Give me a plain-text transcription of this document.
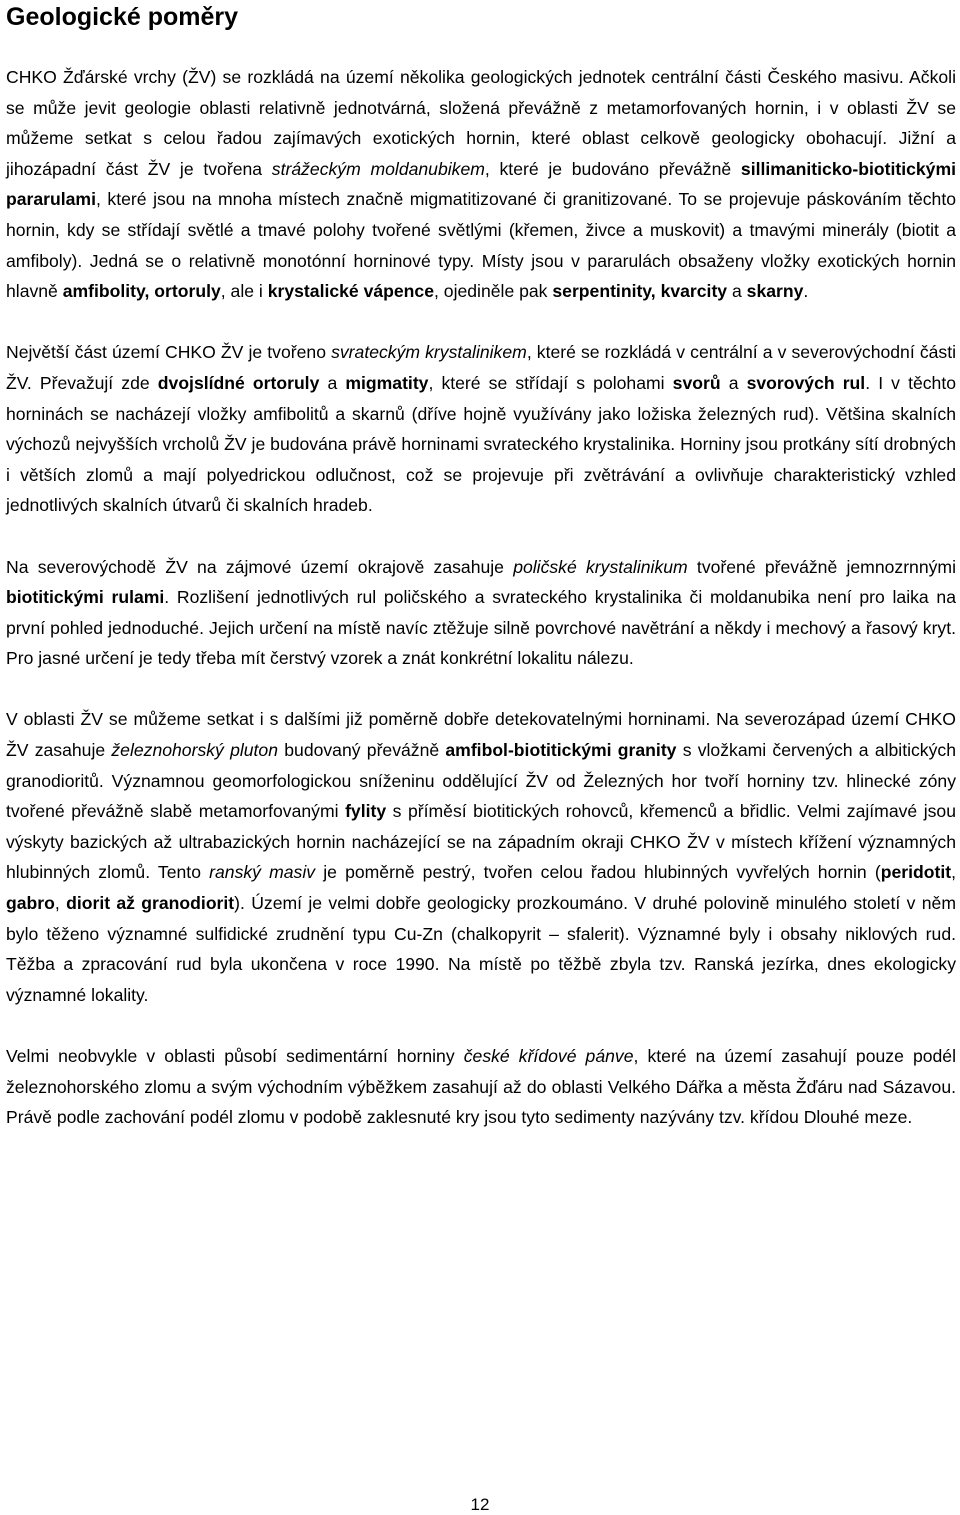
Geologické poměry

CHKO Žďárské vrchy (ŽV) se rozkládá na území několika geologických jednotek centrální části Českého masivu. Ačkoli se může jevit geologie oblasti relativně jednotvárná, složená převážně z metamorfovaných hornin, i v oblasti ŽV se můžeme setkat s celou řadou zajímavých exotických hornin, které oblast celkově geologicky obohacují. Jižní a jihozápadní část ŽV je tvořena strážeckým moldanubikem, které je budováno převážně sillimaniticko-biotitickými pararulami, které jsou na mnoha místech značně migmatitizované či granitizované. To se projevuje páskováním těchto hornin, kdy se střídají světlé a tmavé polohy tvořené světlými (křemen, živce a muskovit) a tmavými minerály (biotit a amfiboly). Jedná se o relativně monotónní horninové typy. Místy jsou v pararulách obsaženy vložky exotických hornin hlavně amfibolity, ortoruly, ale i krystalické vápence, ojediněle pak serpentinity, kvarcity a skarny.

Největší část území CHKO ŽV je tvořeno svrateckým krystalinikem, které se rozkládá v centrální a v severovýchodní části ŽV. Převažují zde dvojslídné ortoruly a migmatity, které se střídají s polohami svorů a svorových rul. I v těchto horninách se nacházejí vložky amfibolitů a skarnů (dříve hojně využívány jako ložiska železných rud). Většina skalních výchozů nejvyšších vrcholů ŽV je budována právě horninami svrateckého krystalinika. Horniny jsou protkány sítí drobných i větších zlomů a mají polyedrickou odlučnost, což se projevuje při zvětrávání a ovlivňuje charakteristický vzhled jednotlivých skalních útvarů či skalních hradeb.

Na severovýchodě ŽV na zájmové území okrajově zasahuje poličské krystalinikum tvořené převážně jemnozrnnými biotitickými rulami. Rozlišení jednotlivých rul poličského a svrateckého krystalinika či moldanubika není pro laika na první pohled jednoduché. Jejich určení na místě navíc ztěžuje silně povrchové navětrání a někdy i mechový a řasový kryt. Pro jasné určení je tedy třeba mít čerstvý vzorek a znát konkrétní lokalitu nálezu.

V oblasti ŽV se můžeme setkat i s dalšími již poměrně dobře detekovatelnými horninami. Na severozápad území CHKO ŽV zasahuje železnohorský pluton budovaný převážně amfibol-biotitickými granity s vložkami červených a albitických granodioritů. Významnou geomorfologickou sníženinu oddělující ŽV od Železných hor tvoří horniny tzv. hlinecké zóny tvořené převážně slabě metamorfovanými fylity s příměsí biotitických rohovců, křemenců a břidlic. Velmi zajímavé jsou výskyty bazických až ultrabazických hornin nacházející se na západním okraji CHKO ŽV v místech křížení významných hlubinných zlomů. Tento ranský masiv je poměrně pestrý, tvořen celou řadou hlubinných vyvřelých hornin (peridotit, gabro, diorit až granodiorit). Území je velmi dobře geologicky prozkoumáno. V druhé polovině minulého století v něm bylo těženo významné sulfidické zrudnění typu Cu-Zn (chalkopyrit – sfalerit). Významné byly i obsahy niklových rud. Těžba a zpracování rud byla ukončena v roce 1990. Na místě po těžbě zbyla tzv. Ranská jezírka, dnes ekologicky významné lokality.

Velmi neobvykle v oblasti působí sedimentární horniny české křídové pánve, které na území zasahují pouze podél železnohorského zlomu a svým východním výběžkem zasahují až do oblasti Velkého Dářka a města Žďáru nad Sázavou. Právě podle zachování podél zlomu v podobě zaklesnuté kry jsou tyto sedimenty nazývány tzv. křídou Dlouhé meze.

12
